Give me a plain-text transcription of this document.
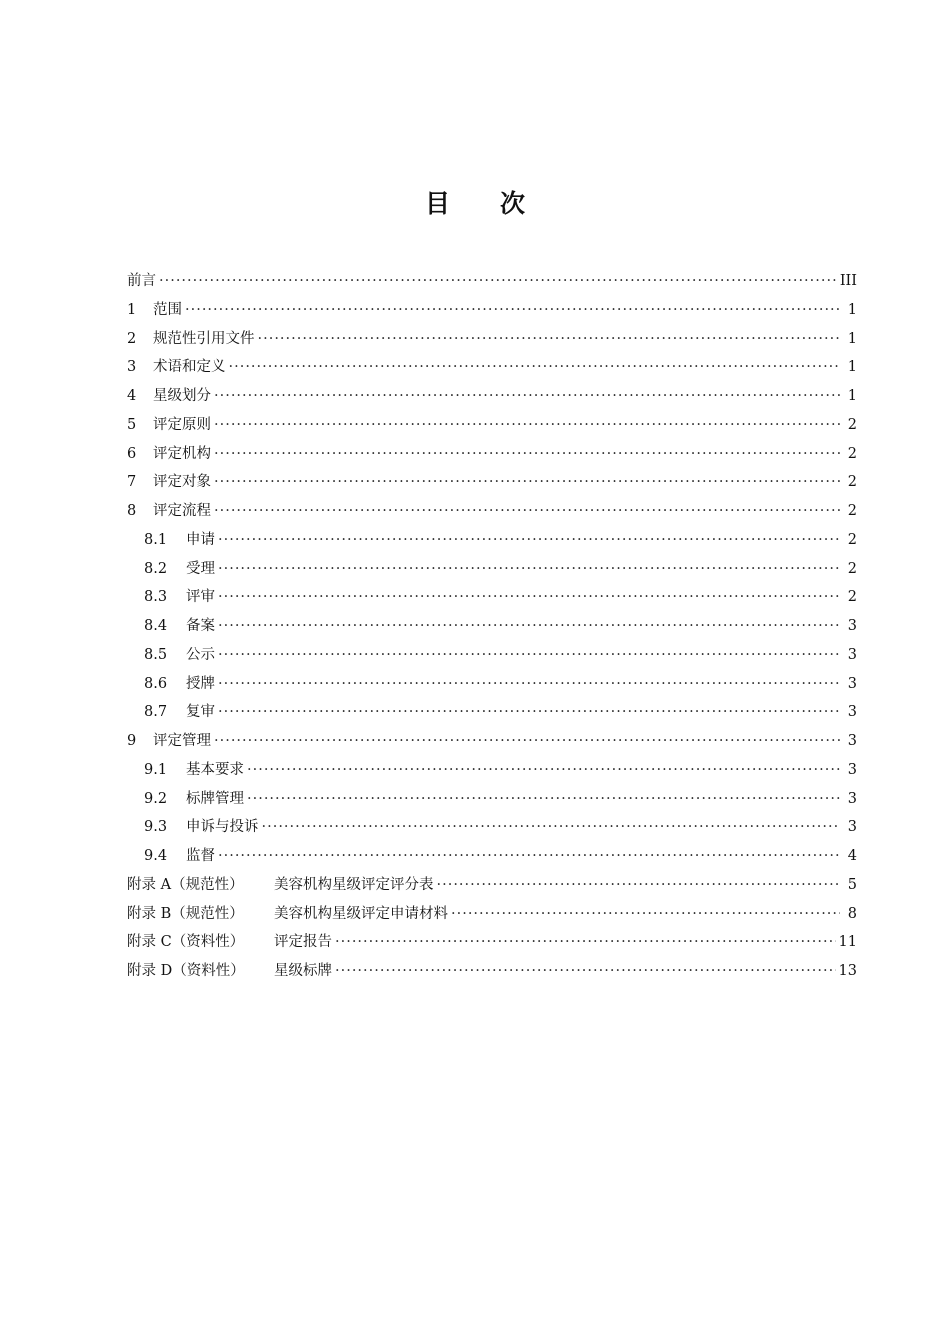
目 次
前言 ·····	III
1	范围 ·····	1
2	规范性引用文件 ·····	1
3	术语和定义 ·····	1
4	星级划分 ·····	1
5	评定原则 ·····	2
6	评定机构 ·····	2
7	评定对象 ·····	2
8	评定流程 ·····	2
8.1	申请 ·····	2
8.2	受理 ·····	2
8.3	评审 ·····	2
8.4	备案 ·····	3
8.5	公示 ·····	3
8.6	授牌 ·····	3
8.7	复审 ·····	3
9	评定管理 ·····	3
9.1	基本要求 ·····	3
9.2	标牌管理 ·····	3
9.3	申诉与投诉 ·····	3
9.4	监督 ·····	4
附录 A（规范性）	美容机构星级评定评分表 ·····	5
附录 B（规范性）	美容机构星级评定申请材料 ·····	8
附录 C（资料性）	评定报告 ·····	11
附录 D（资料性）	星级标牌 ·····	13
